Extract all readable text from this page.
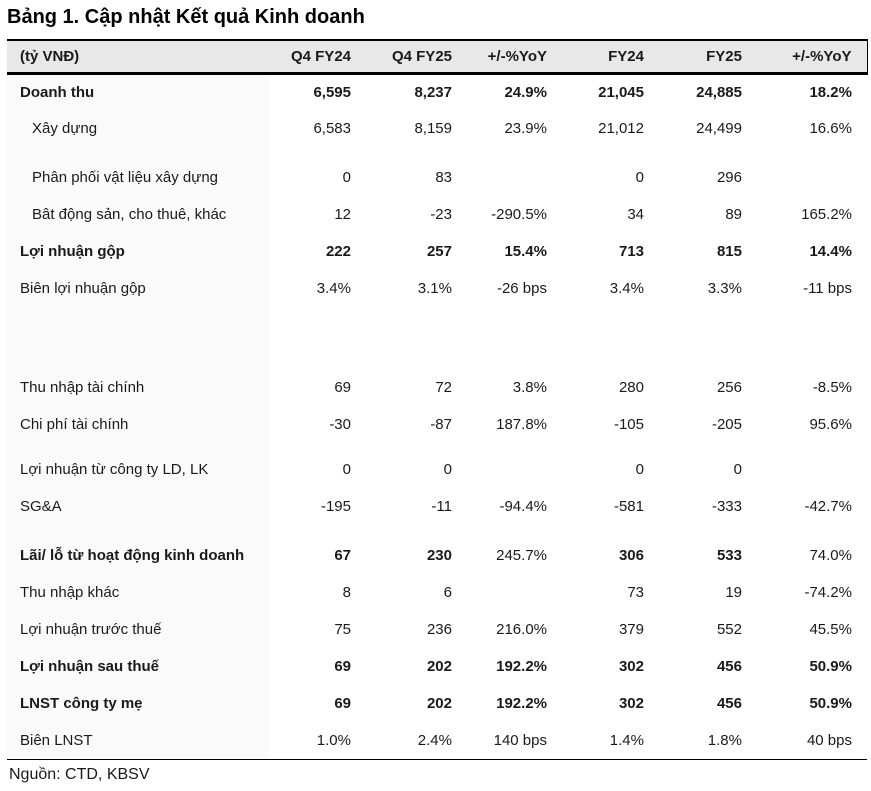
Bảng 1. Cập nhật Kết quả Kinh doanh
(tỷ VNĐ)	Q4 FY24	Q4 FY25	+/-%YoY	FY24	FY25	+/-%YoY
Doanh thu	6,595	8,237	24.9%	21,045	24,885	18.2%
Xây dựng	6,583	8,159	23.9%	21,012	24,499	16.6%

Phân phối vật liệu xây dựng	0	83		0	296	
Bât động sản, cho thuê, khác	12	-23	-290.5%	34	89	165.2%
Lợi nhuận gộp	222	257	15.4%	713	815	14.4%
Biên lợi nhuận gộp	3.4%	3.1%	-26 bps	3.4%	3.3%	-11 bps

Thu nhập tài chính	69	72	3.8%	280	256	-8.5%
Chi phí tài chính	-30	-87	187.8%	-105	-205	95.6%

Lợi nhuận từ công ty LD, LK	0	0		0	0	
SG&A	-195	-11	-94.4%	-581	-333	-42.7%

Lãi/ lỗ từ hoạt động kinh doanh	67	230	245.7%	306	533	74.0%
Thu nhập khác	8	6		73	19	-74.2%
Lợi nhuận trước thuế	75	236	216.0%	379	552	45.5%
Lợi nhuận sau thuế	69	202	192.2%	302	456	50.9%
LNST công ty mẹ	69	202	192.2%	302	456	50.9%
Biên LNST	1.0%	2.4%	140 bps	1.4%	1.8%	40 bps
Nguồn: CTD, KBSV
